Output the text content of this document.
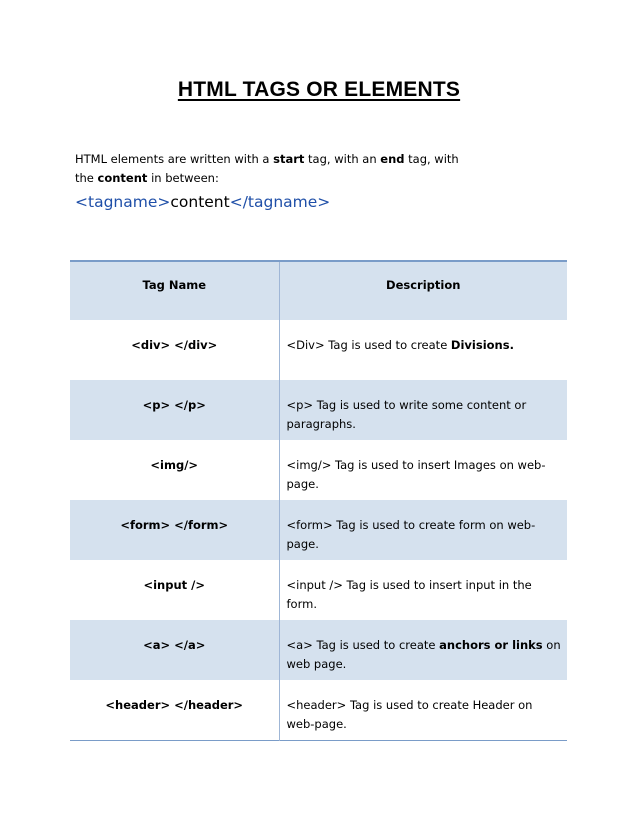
HTML TAGS OR ELEMENTS
HTML elements are written with a start tag, with an end tag, with
the content in between:
<tagname>content</tagname>
Tag Name	Description

<div> </div>	<Div> Tag is used to create Divisions.

<p> </p>	<p> Tag is used to write some content or paragraphs.

<img/>	<img/> Tag is used to insert Images on web-page.

<form> </form>	<form> Tag is used to create form on web-page.

<input />	<input /> Tag is used to insert input in the form.

<a> </a>	<a> Tag is used to create anchors or links on web page.

<header> </header>	<header> Tag is used to create Header on web-page.
